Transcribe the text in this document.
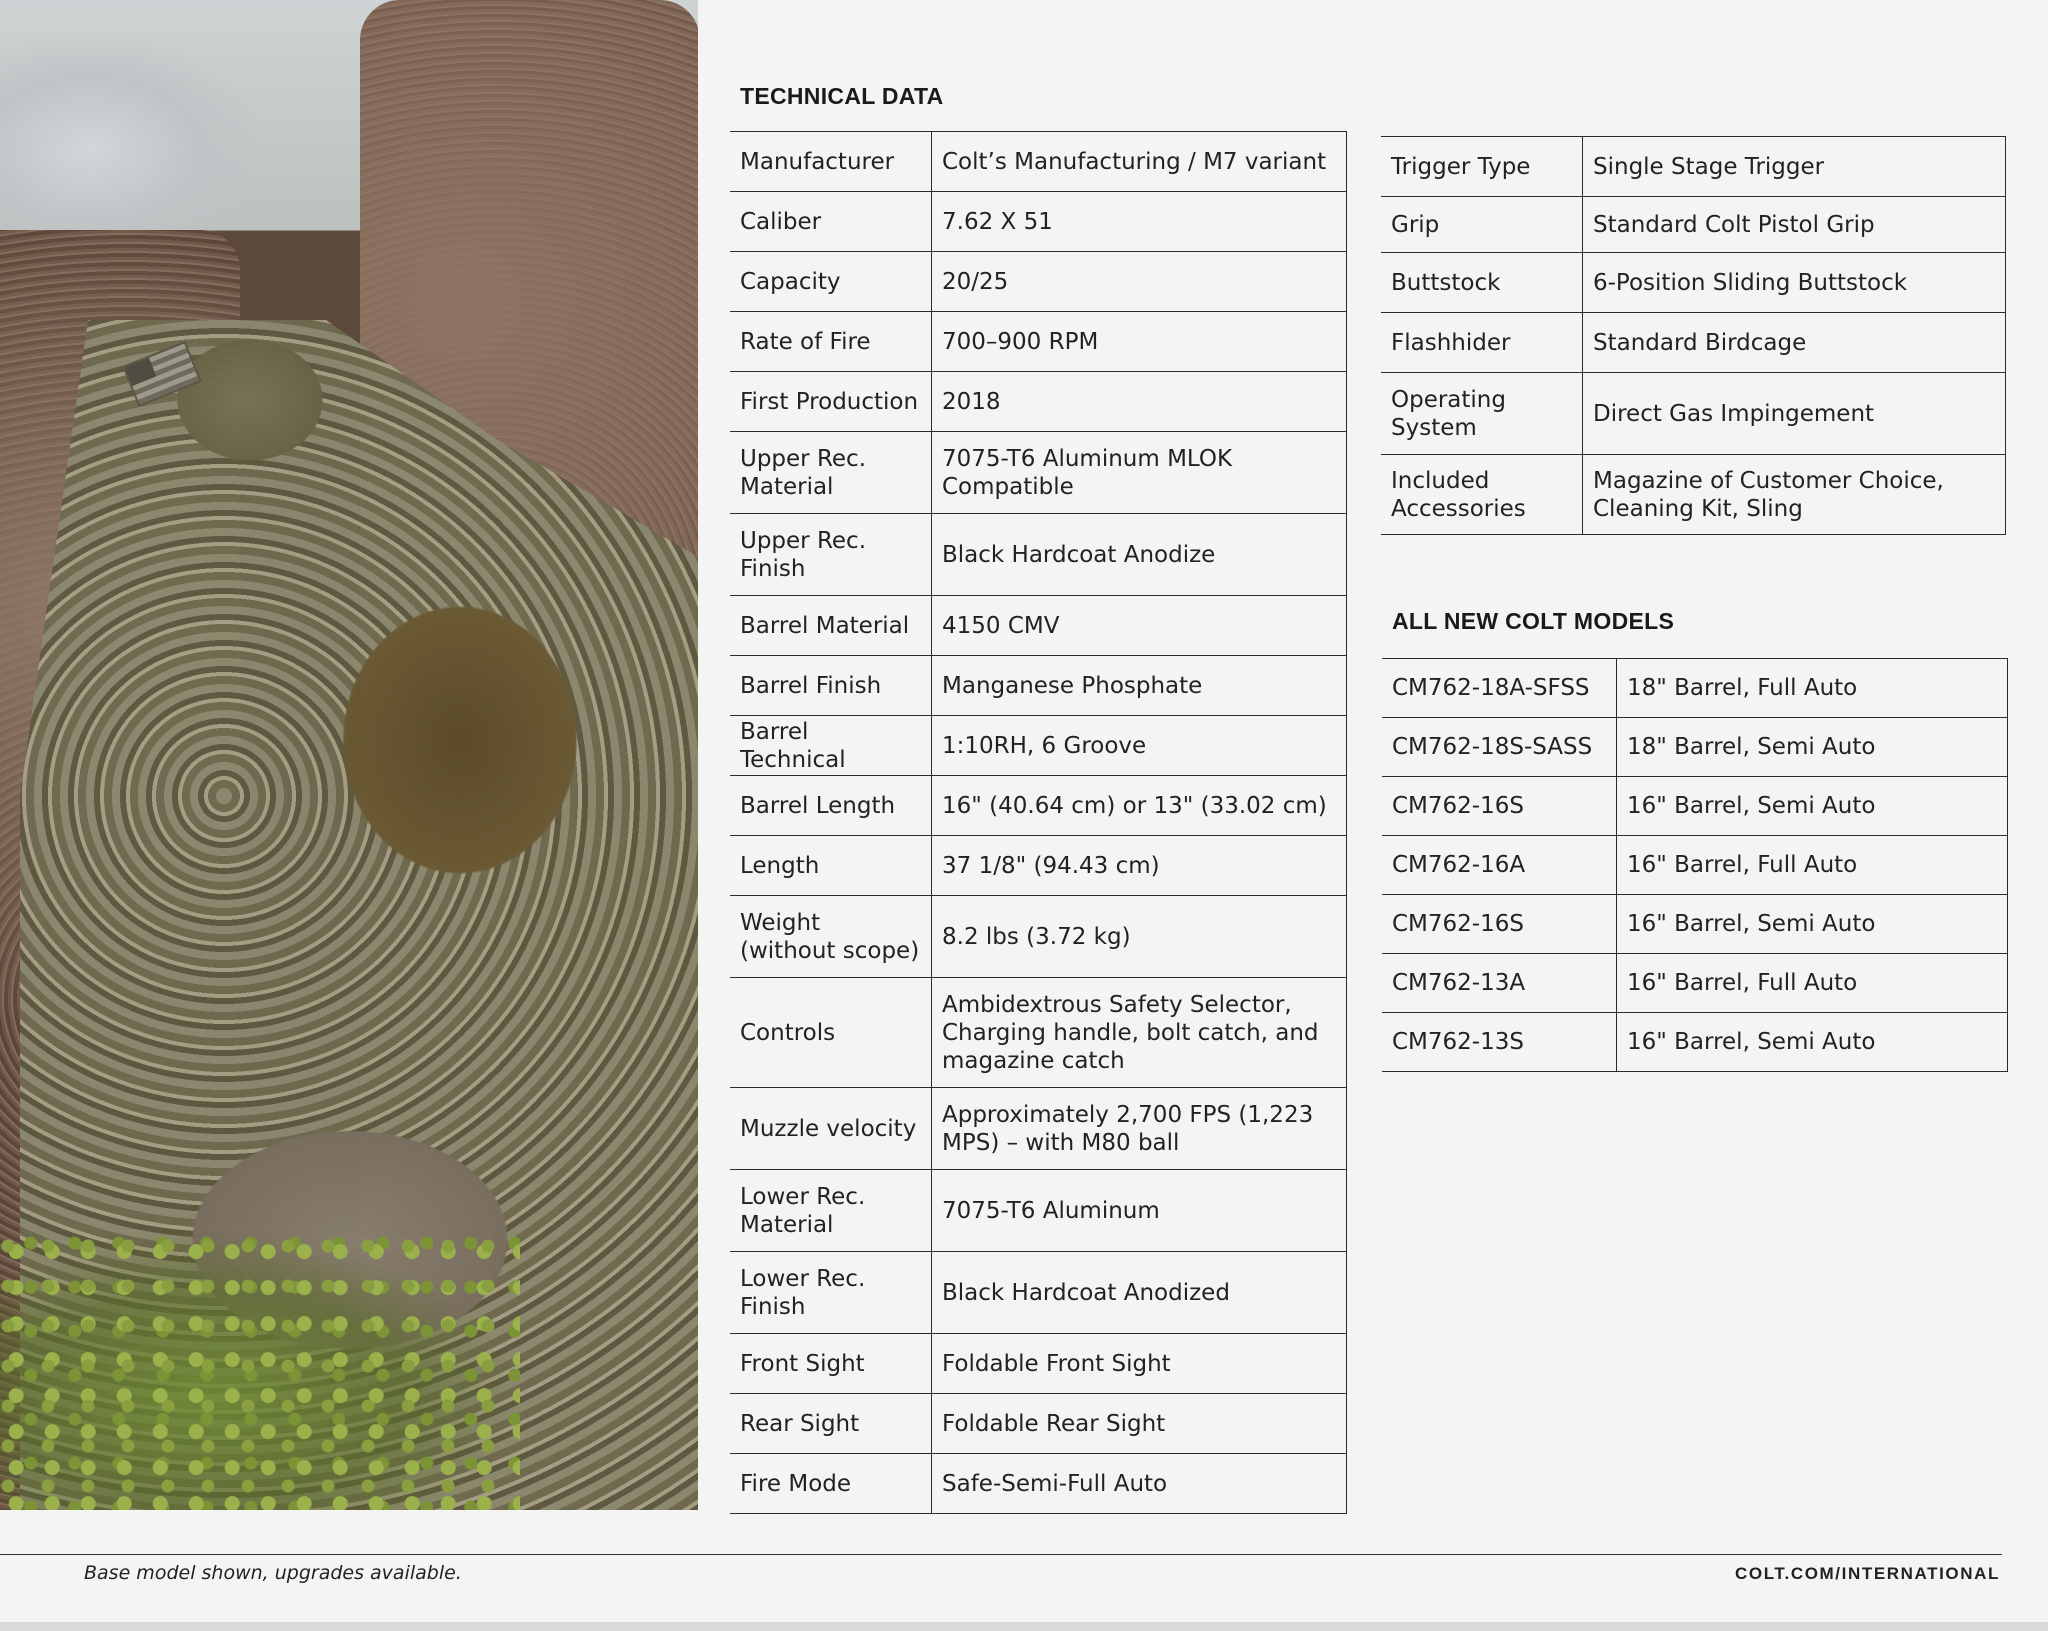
TECHNICAL DATA
Manufacturer	Colt’s Manufacturing / M7 variant
Caliber	7.62 X 51
Capacity	20/25
Rate of Fire	700–900 RPM
First Production	2018
Upper Rec. Material	7075-T6 Aluminum MLOK Compatible
Upper Rec. Finish	Black Hardcoat Anodize
Barrel Material	4150 CMV
Barrel Finish	Manganese Phosphate
Barrel Technical	1:10RH, 6 Groove
Barrel Length	16" (40.64 cm) or 13" (33.02 cm)
Length	37 1/8" (94.43 cm)
Weight (without scope)	8.2 lbs (3.72 kg)
Controls	Ambidextrous Safety Selector, Charging handle, bolt catch, and magazine catch
Muzzle velocity	Approximately 2,700 FPS (1,223 MPS) – with M80 ball
Lower Rec. Material	7075-T6 Aluminum
Lower Rec. Finish	Black Hardcoat Anodized
Front Sight	Foldable Front Sight
Rear Sight	Foldable Rear Sight
Fire Mode	Safe-Semi-Full Auto
Trigger Type	Single Stage Trigger
Grip	Standard Colt Pistol Grip
Buttstock	6-Position Sliding Buttstock
Flashhider	Standard Birdcage
Operating System	Direct Gas Impingement
Included Accessories	Magazine of Customer Choice, Cleaning Kit, Sling
ALL NEW COLT MODELS
CM762-18A-SFSS	18" Barrel, Full Auto
CM762-18S-SASS	18" Barrel, Semi Auto
CM762-16S	16" Barrel, Semi Auto
CM762-16A	16" Barrel, Full Auto
CM762-16S	16" Barrel, Semi Auto
CM762-13A	16" Barrel, Full Auto
CM762-13S	16" Barrel, Semi Auto
Base model shown, upgrades available.	COLT.COM/INTERNATIONAL
